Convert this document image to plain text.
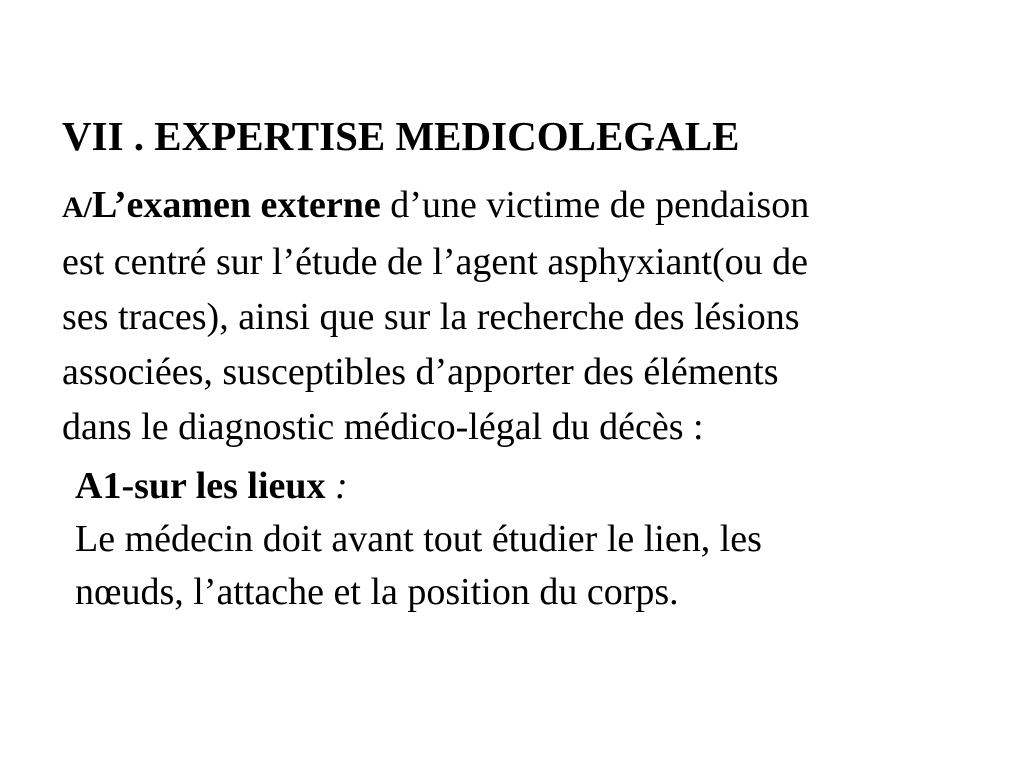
VII . EXPERTISE MEDICOLEGALE
A/L’examen externe d’une victime de pendaison
est centré sur l’étude de l’agent asphyxiant(ou de
ses traces), ainsi que sur la recherche des lésions
associées, susceptibles d’apporter des éléments
dans le diagnostic médico-légal du décès :
A1-sur les lieux :
Le médecin doit avant tout étudier le lien, les
nœuds, l’attache et la position du corps.
